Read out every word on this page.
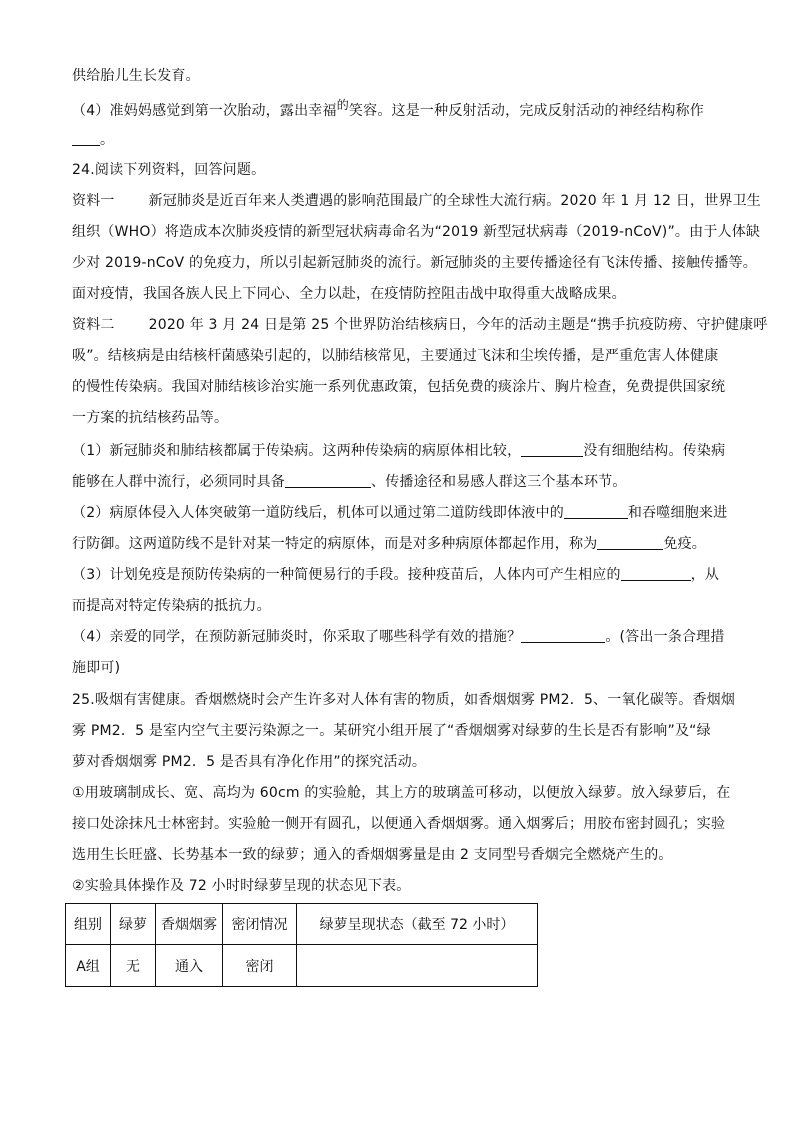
供给胎儿生长发育。
（4）准妈妈感觉到第一次胎动，露出幸福的笑容。这是一种反射活动，完成反射活动的神经结构称作
。
24.阅读下列资料，回答问题。
资料一 新冠肺炎是近百年来人类遭遇的影响范围最广的全球性大流行病。2020 年 1 月 12 日，世界卫生
组织（WHO）将造成本次肺炎疫情的新型冠状病毒命名为“2019 新型冠状病毒（2019-nCoV)”。由于人体缺
少对 2019-nCoV 的免疫力，所以引起新冠肺炎的流行。新冠肺炎的主要传播途径有飞沫传播、接触传播等。
面对疫情，我国各族人民上下同心、全力以赴，在疫情防控阻击战中取得重大战略成果。
资料二 2020 年 3 月 24 日是第 25 个世界防治结核病日，今年的活动主题是“携手抗疫防痨、守护健康呼
吸”。结核病是由结核杆菌感染引起的，以肺结核常见，主要通过飞沫和尘埃传播，是严重危害人体健康
的慢性传染病。我国对肺结核诊治实施一系列优惠政策，包括免费的痰涂片、胸片检查，免费提供国家统
一方案的抗结核药品等。
（1）新冠肺炎和肺结核都属于传染病。这两种传染病的病原体相比较，	没有细胞结构。传染病
能够在人群中流行，必须同时具备	、传播途径和易感人群这三个基本环节。
（2）病原体侵入人体突破第一道防线后，机体可以通过第二道防线即体液中的	和吞噬细胞来进
行防御。这两道防线不是针对某一特定的病原体，而是对多种病原体都起作用，称为	免疫。
（3）计划免疫是预防传染病的一种简便易行的手段。接种疫苗后，人体内可产生相应的	，从
而提高对特定传染病的抵抗力。
（4）亲爱的同学，在预防新冠肺炎时，你采取了哪些科学有效的措施？	。(答出一条合理措
施即可)
25.吸烟有害健康。香烟燃烧时会产生许多对人体有害的物质，如香烟烟雾 PM2．5、一氧化碳等。香烟烟
雾 PM2．5 是室内空气主要污染源之一。某研究小组开展了“香烟烟雾对绿萝的生长是否有影响”及“绿
萝对香烟烟雾 PM2．5 是否具有净化作用”的探究活动。
①用玻璃制成长、宽、高均为 60cm 的实验舱，其上方的玻璃盖可移动，以便放入绿萝。放入绿萝后，在
接口处涂抹凡士林密封。实验舱一侧开有圆孔，以便通入香烟烟雾。通入烟雾后；用胶布密封圆孔；实验
选用生长旺盛、长势基本一致的绿萝；通入的香烟烟雾量是由 2 支同型号香烟完全燃烧产生的。
②实验具体操作及 72 小时时绿萝呈现的状态见下表。
组别	绿萝	香烟烟雾	密闭情况	绿萝呈现状态（截至 72 小时）
A组	无	通入	密闭	
